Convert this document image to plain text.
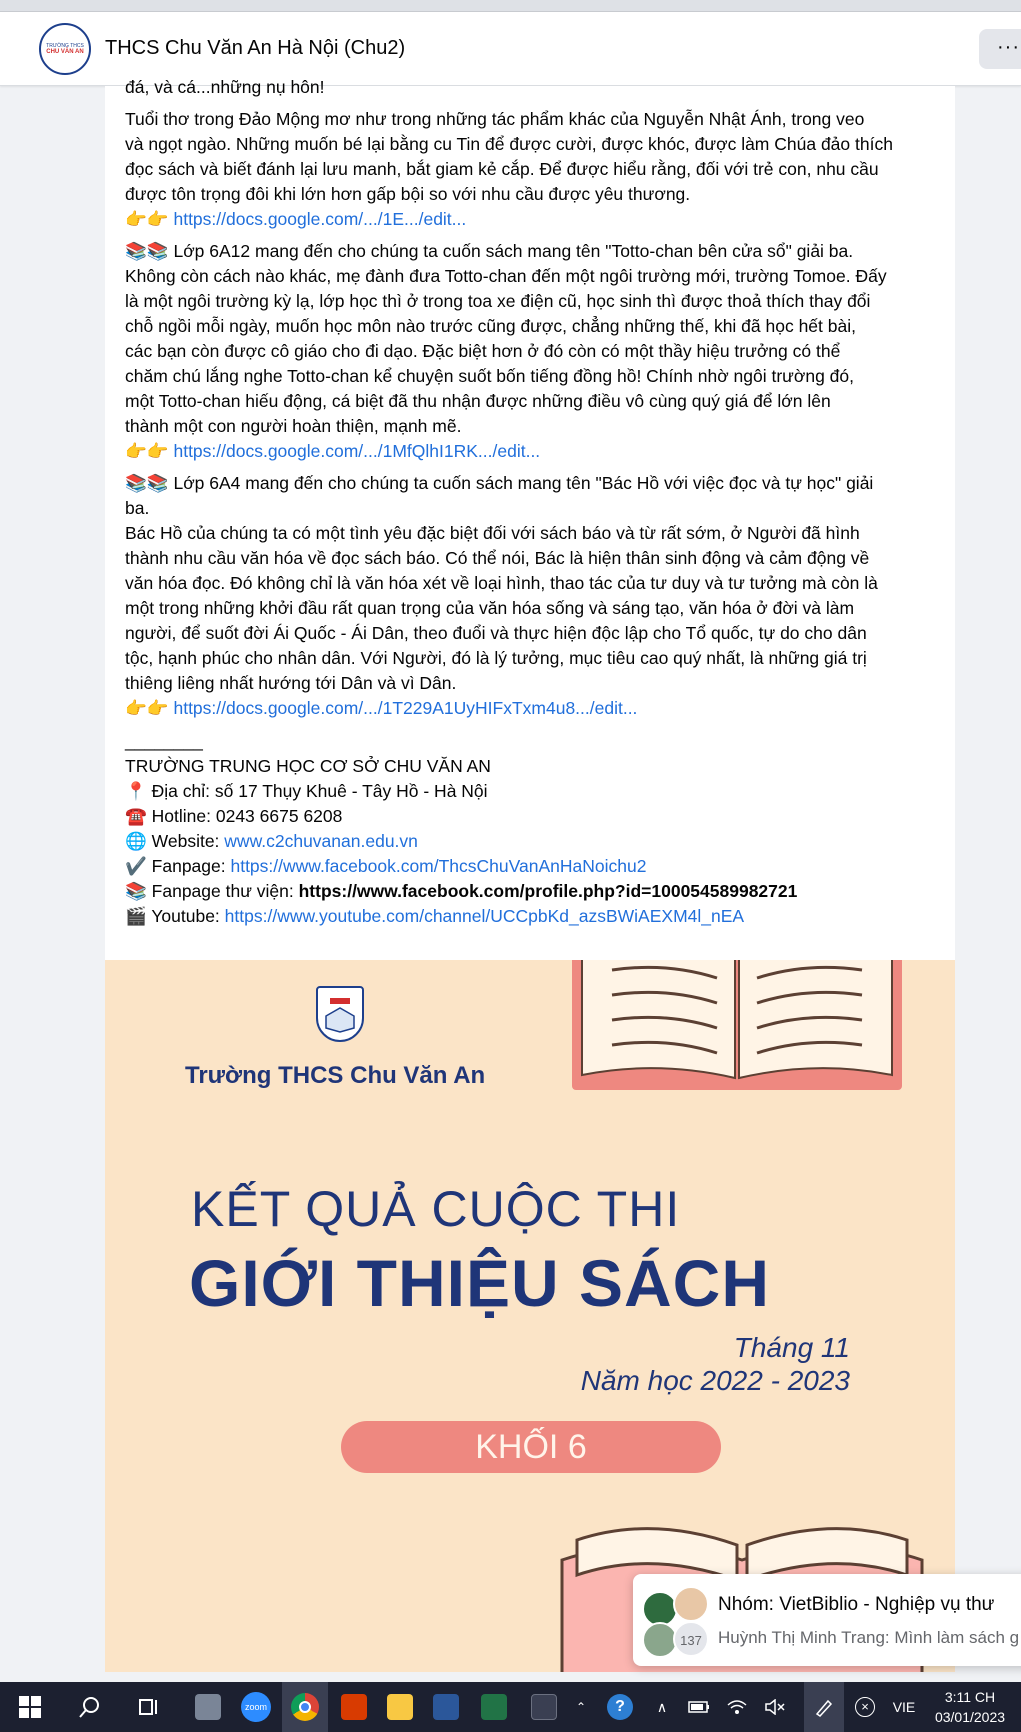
TRƯỜNG THCS
CHU VĂN AN THCS Chu Văn An Hà Nội (Chu2)	···

đá, và cá...những nụ hôn!

Tuổi thơ trong Đảo Mộng mơ như trong những tác phẩm khác của Nguyễn Nhật Ánh, trong veo
và ngọt ngào. Những muốn bé lại bằng cu Tin để được cười, được khóc, được làm Chúa đảo thích
đọc sách và biết đánh lại lưu manh, bắt giam kẻ cắp. Để được hiểu rằng, đối với trẻ con, nhu cầu
được tôn trọng đôi khi lớn hơn gấp bội so với nhu cầu được yêu thương.
👉👉 https://docs.google.com/.../1E.../edit...

📚📚 Lớp 6A12 mang đến cho chúng ta cuốn sách mang tên "Totto-chan bên cửa sổ" giải ba.
Không còn cách nào khác, mẹ đành đưa Totto-chan đến một ngôi trường mới, trường Tomoe. Đấy
là một ngôi trường kỳ lạ, lớp học thì ở trong toa xe điện cũ, học sinh thì được thoả thích thay đổi
chỗ ngồi mỗi ngày, muốn học môn nào trước cũng được, chẳng những thế, khi đã học hết bài,
các bạn còn được cô giáo cho đi dạo. Đặc biệt hơn ở đó còn có một thầy hiệu trưởng có thể
chăm chú lắng nghe Totto-chan kể chuyện suốt bốn tiếng đồng hồ! Chính nhờ ngôi trường đó,
một Totto-chan hiếu động, cá biệt đã thu nhận được những điều vô cùng quý giá để lớn lên
thành một con người hoàn thiện, mạnh mẽ.
👉👉 https://docs.google.com/.../1MfQlhI1RK.../edit...

📚📚 Lớp 6A4 mang đến cho chúng ta cuốn sách mang tên "Bác Hồ với việc đọc và tự học" giải
ba.
Bác Hồ của chúng ta có một tình yêu đặc biệt đối với sách báo và từ rất sớm, ở Người đã hình
thành nhu cầu văn hóa về đọc sách báo. Có thể nói, Bác là hiện thân sinh động và cảm động về
văn hóa đọc. Đó không chỉ là văn hóa xét về loại hình, thao tác của tư duy và tư tưởng mà còn là
một trong những khởi đầu rất quan trọng của văn hóa sống và sáng tạo, văn hóa ở đời và làm
người, để suốt đời Ái Quốc - Ái Dân, theo đuổi và thực hiện độc lập cho Tổ quốc, tự do cho dân
tộc, hạnh phúc cho nhân dân. Với Người, đó là lý tưởng, mục tiêu cao quý nhất, là những giá trị
thiêng liêng nhất hướng tới Dân và vì Dân.
👉👉 https://docs.google.com/.../1T229A1UyHIFxTxm4u8.../edit...

________
TRƯỜNG TRUNG HỌC CƠ SỞ CHU VĂN AN
📍 Địa chỉ: số 17 Thụy Khuê - Tây Hồ - Hà Nội
☎️ Hotline: 0243 6675 6208
🌐 Website: www.c2chuvanan.edu.vn
✔️ Fanpage: https://www.facebook.com/ThcsChuVanAnHaNoichu2
📚 Fanpage thư viện: https://www.facebook.com/profile.php?id=100054589982721
🎬 Youtube: https://www.youtube.com/channel/UCCpbKd_azsBWiAEXM4l_nEA

Trường THCS Chu Văn An
KẾT QUẢ CUỘC THI
GIỚI THIỆU SÁCH
Tháng 11
Năm học 2022 - 2023
KHỐI 6
137
Nhóm: VietBiblio - Nghiệp vụ thư
Huỳnh Thị Minh Trang: Mình làm sách g
zoom	⌃	?	∧	×	VIE
3:11 CH
03/01/2023
